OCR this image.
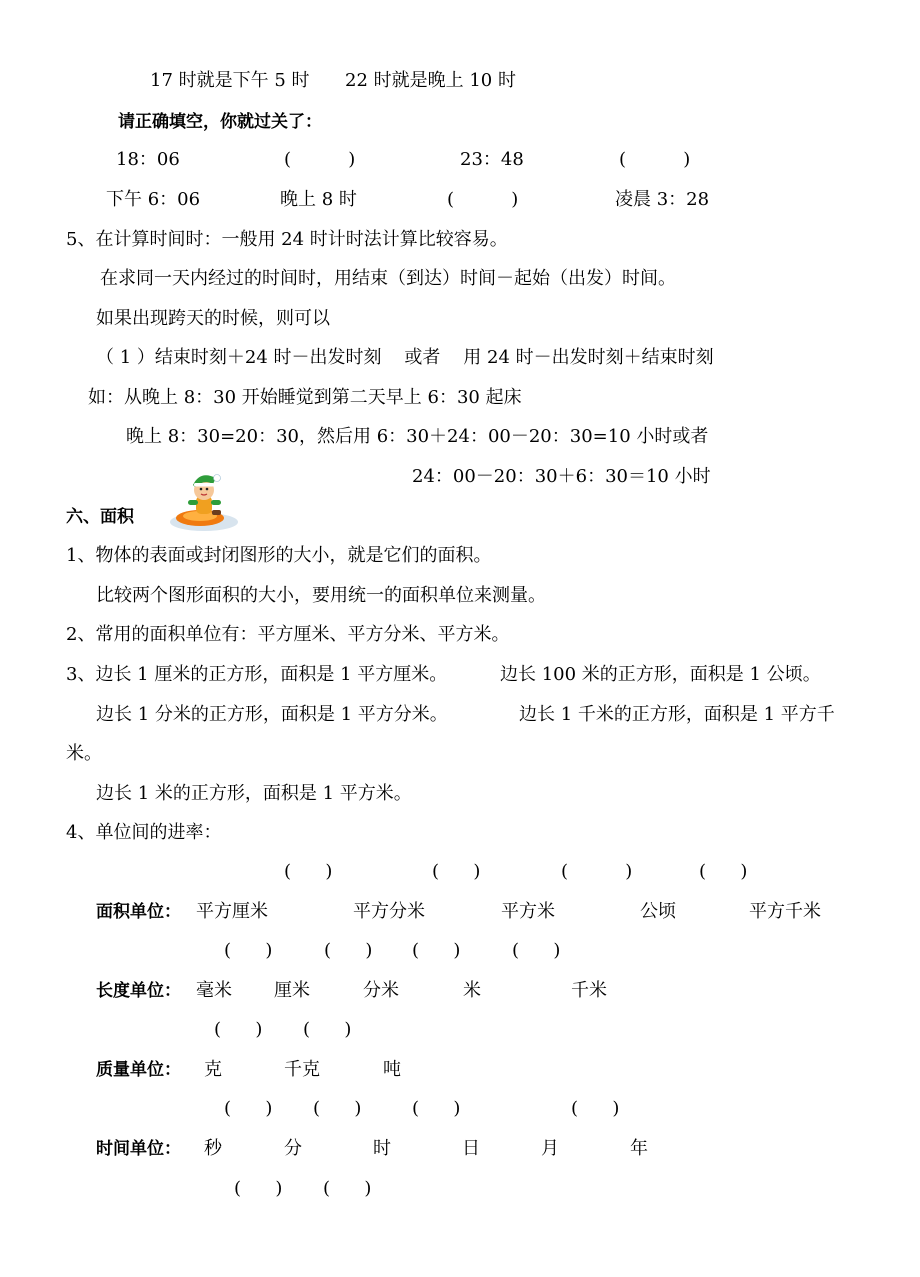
17 时就是下午 5 时 22 时就是晚上 10 时
请正确填空，你就过关了：
18：06	(          )	23：48	(          )
下午 6：06	晚上 8 时	(          )	凌晨 3：28
5、在计算时间时：一般用 24 时计时法计算比较容易。
在求同一天内经过的时间时，用结束（到达）时间－起始（出发）时间。
如果出现跨天的时候，则可以
（ 1 ）结束时刻＋24 时－出发时刻    或者    用 24 时－出发时刻＋结束时刻
如：从晚上 8：30 开始睡觉到第二天早上 6：30 起床
晚上 8：30=20：30，然后用 6：30＋24：00－20：30=10 小时或者
24：00－20：30＋6：30＝10 小时
六、面积
1、物体的表面或封闭图形的大小，就是它们的面积。
比较两个图形面积的大小，要用统一的面积单位来测量。
2、常用的面积单位有：平方厘米、平方分米、平方米。
3、边长 1 厘米的正方形，面积是 1 平方厘米。	边长 100 米的正方形，面积是 1 公顷。
边长 1 分米的正方形，面积是 1 平方分米。	边长 1 千米的正方形，面积是 1 平方千
米。
边长 1 米的正方形，面积是 1 平方米。
4、单位间的进率：
(      )	(      )	(          )	(      )
面积单位： 平方厘米	平方分米	平方米	公顷	平方千米
(      )	(      ) (      )	(      )
长度单位： 毫米 厘米	分米	米	千米
(      ) (      )
质量单位： 克	千克	吨
(      ) (      )	(      )	(      )
时间单位： 秒	分	时	日	月	年
(      ) (      )
